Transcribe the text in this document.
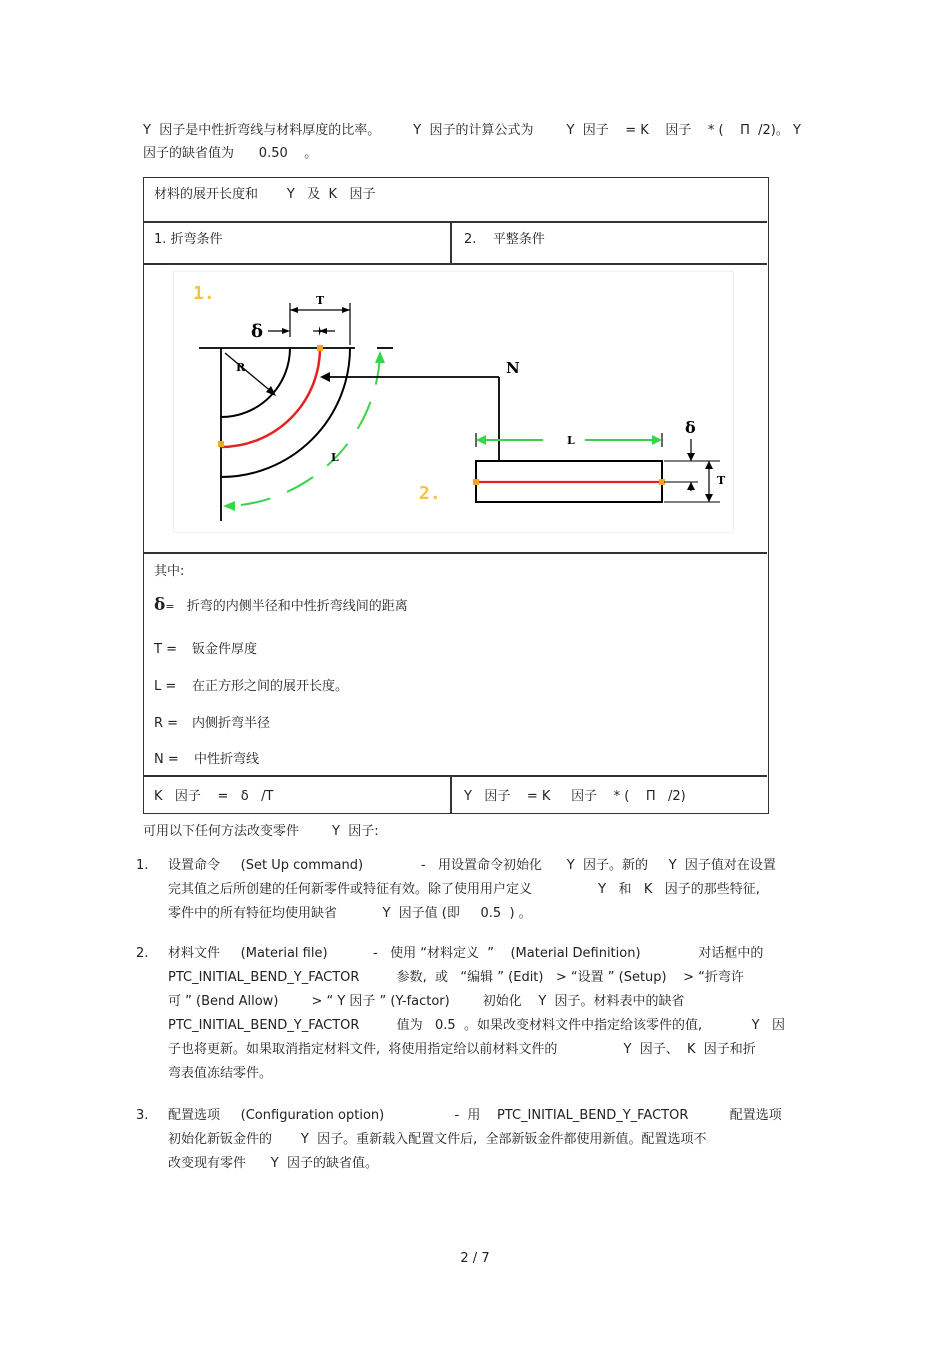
Y  因子是中性折弯线与材料厚度的比率。        Y  因子的计算公式为        Y  因子    = K    因子    * (    Π  /2)。 Y
因子的缺省值为      0.50    。
材料的展开长度和       Y   及  K   因子
1. 折弯条件	2.    平整条件
K   因子    =   δ   /T	Y   因子    = K     因子    * (    Π   /2)
1.
2.
T
δ
R
L
N
L
δ
T

其中:

δ= 折弯的内侧半径和中性折弯线间的距离

T = 钣金件厚度

L = 在正方形之间的展开长度。

R = 内侧折弯半径

N = 中性折弯线

可用以下任何方法改变零件        Y  因子:
1. 设置命令     (Set Up command)              -   用设置命令初始化      Y  因子。新的     Y  因子值对在设置
完其值之后所创建的任何新零件或特征有效。除了使用用户定义                Y   和   K   因子的那些特征,
零件中的所有特征均使用缺省           Y  因子值 (即     0.5  ) 。
2. 材料文件     (Material file)           -   使用 “材料定义  ”    (Material Definition)              对话框中的
PTC_INITIAL_BEND_Y_FACTOR         参数,  或   “编辑 ” (Edit)   > “设置 ” (Setup)    > “折弯许
可 ” (Bend Allow)        > “ Y 因子 ” (Y-factor)        初始化    Y  因子。材料表中的缺省
PTC_INITIAL_BEND_Y_FACTOR         值为   0.5  。如果改变材料文件中指定给该零件的值,            Y   因
子也将更新。如果取消指定材料文件,  将使用指定给以前材料文件的                Y  因子、  K  因子和折
弯表值冻结零件。
3. 配置选项     (Configuration option)                 -  用    PTC_INITIAL_BEND_Y_FACTOR          配置选项
初始化新钣金件的       Y  因子。重新载入配置文件后,  全部新钣金件都使用新值。配置选项不
改变现有零件      Y  因子的缺省值。
2 / 7
